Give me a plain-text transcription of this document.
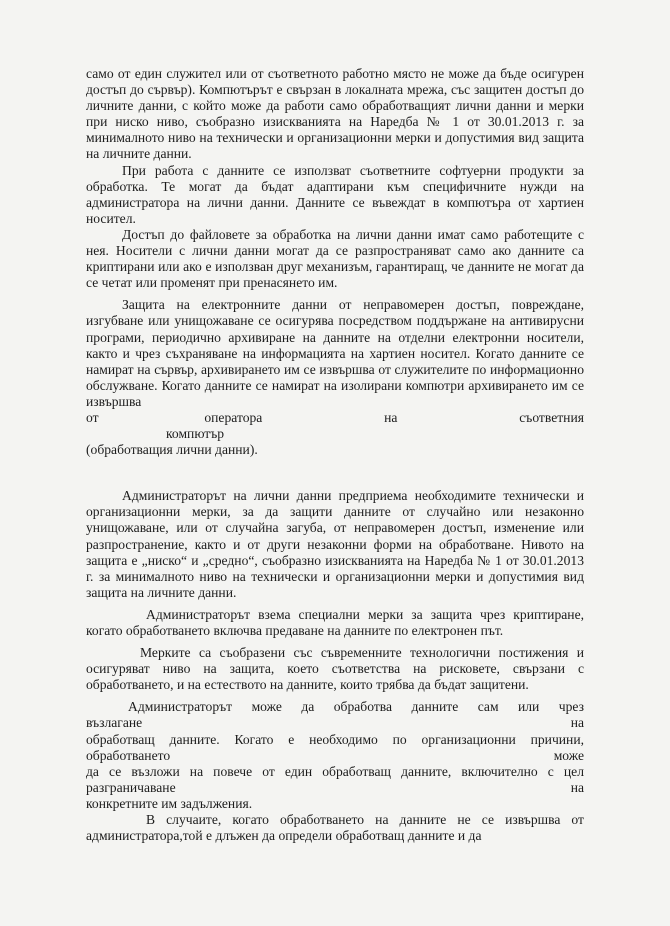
само от един служител или от съответното работно място не може да бъде осигурен достъп до сървър). Компютърът е свързан в локалната мрежа, със защитен достъп до личните данни, с който може да работи само обработващият лични данни и мерки при ниско ниво, съобразно изискванията на Наредба № 1 от 30.01.2013 г. за минималното ниво на технически и организационни мерки и допустимия вид защита на личните данни.

При работа с данните се използват съответните софтуерни продукти за обработка. Те могат да бъдат адаптирани към специфичните нужди на администратора на лични данни. Данните се въвеждат в компютъра от хартиен носител.

Достъп до файловете за обработка на лични данни имат само работещите с нея. Носители с лични данни могат да се разпространяват само ако данните са криптирани или ако е използван друг механизъм, гарантиращ, че данните не могат да се четат или променят при пренасянето им.

Защита на електронните данни от неправомерен достъп, повреждане, изгубване или унищожаване се осигурява посредством поддържане на антивирусни програми, периодично архивиране на данните на отделни електронни носители, както и чрез съхраняване на информацията на хартиен носител. Когато данните се намират на сървър, архивирането им се извършва от служителите по информационно обслужване. Когато данните се намират на изолирани компютри архивирането им се извършва
от	оператора	на	съответния компютър
(обработващия лични данни).

Администраторът на лични данни предприема необходимите технически и организационни мерки, за да защити данните от случайно или незаконно унищожаване, или от случайна загуба, от неправомерен достъп, изменение или разпространение, както и от други незаконни форми на обработване. Нивото на защита е „ниско“ и „средно“, съобразно изискванията на Наредба № 1 от 30.01.2013 г. за минималното ниво на технически и организационни мерки и допустимия вид защита на личните данни.

Администраторът взема специални мерки за защита чрез криптиране, когато обработването включва предаване на данните по електронен път.

Мерките са съобразени със съвременните технологични постижения и осигуряват ниво на защита, което съответства на рисковете, свързани с обработването, и на естеството на данните, които трябва да бъдат защитени.

Администраторът може да обработва данните сам или чрез
възлагане	на
обработващ данните. Когато е необходимо по организационни причини,
обработването	може
да се възложи на повече от един обработващ данните, включително с цел
разграничаване	на
конкретните им задължения.

В случаите, когато обработването на данните не се извършва от администратора,той е длъжен да определи обработващ данните и да
